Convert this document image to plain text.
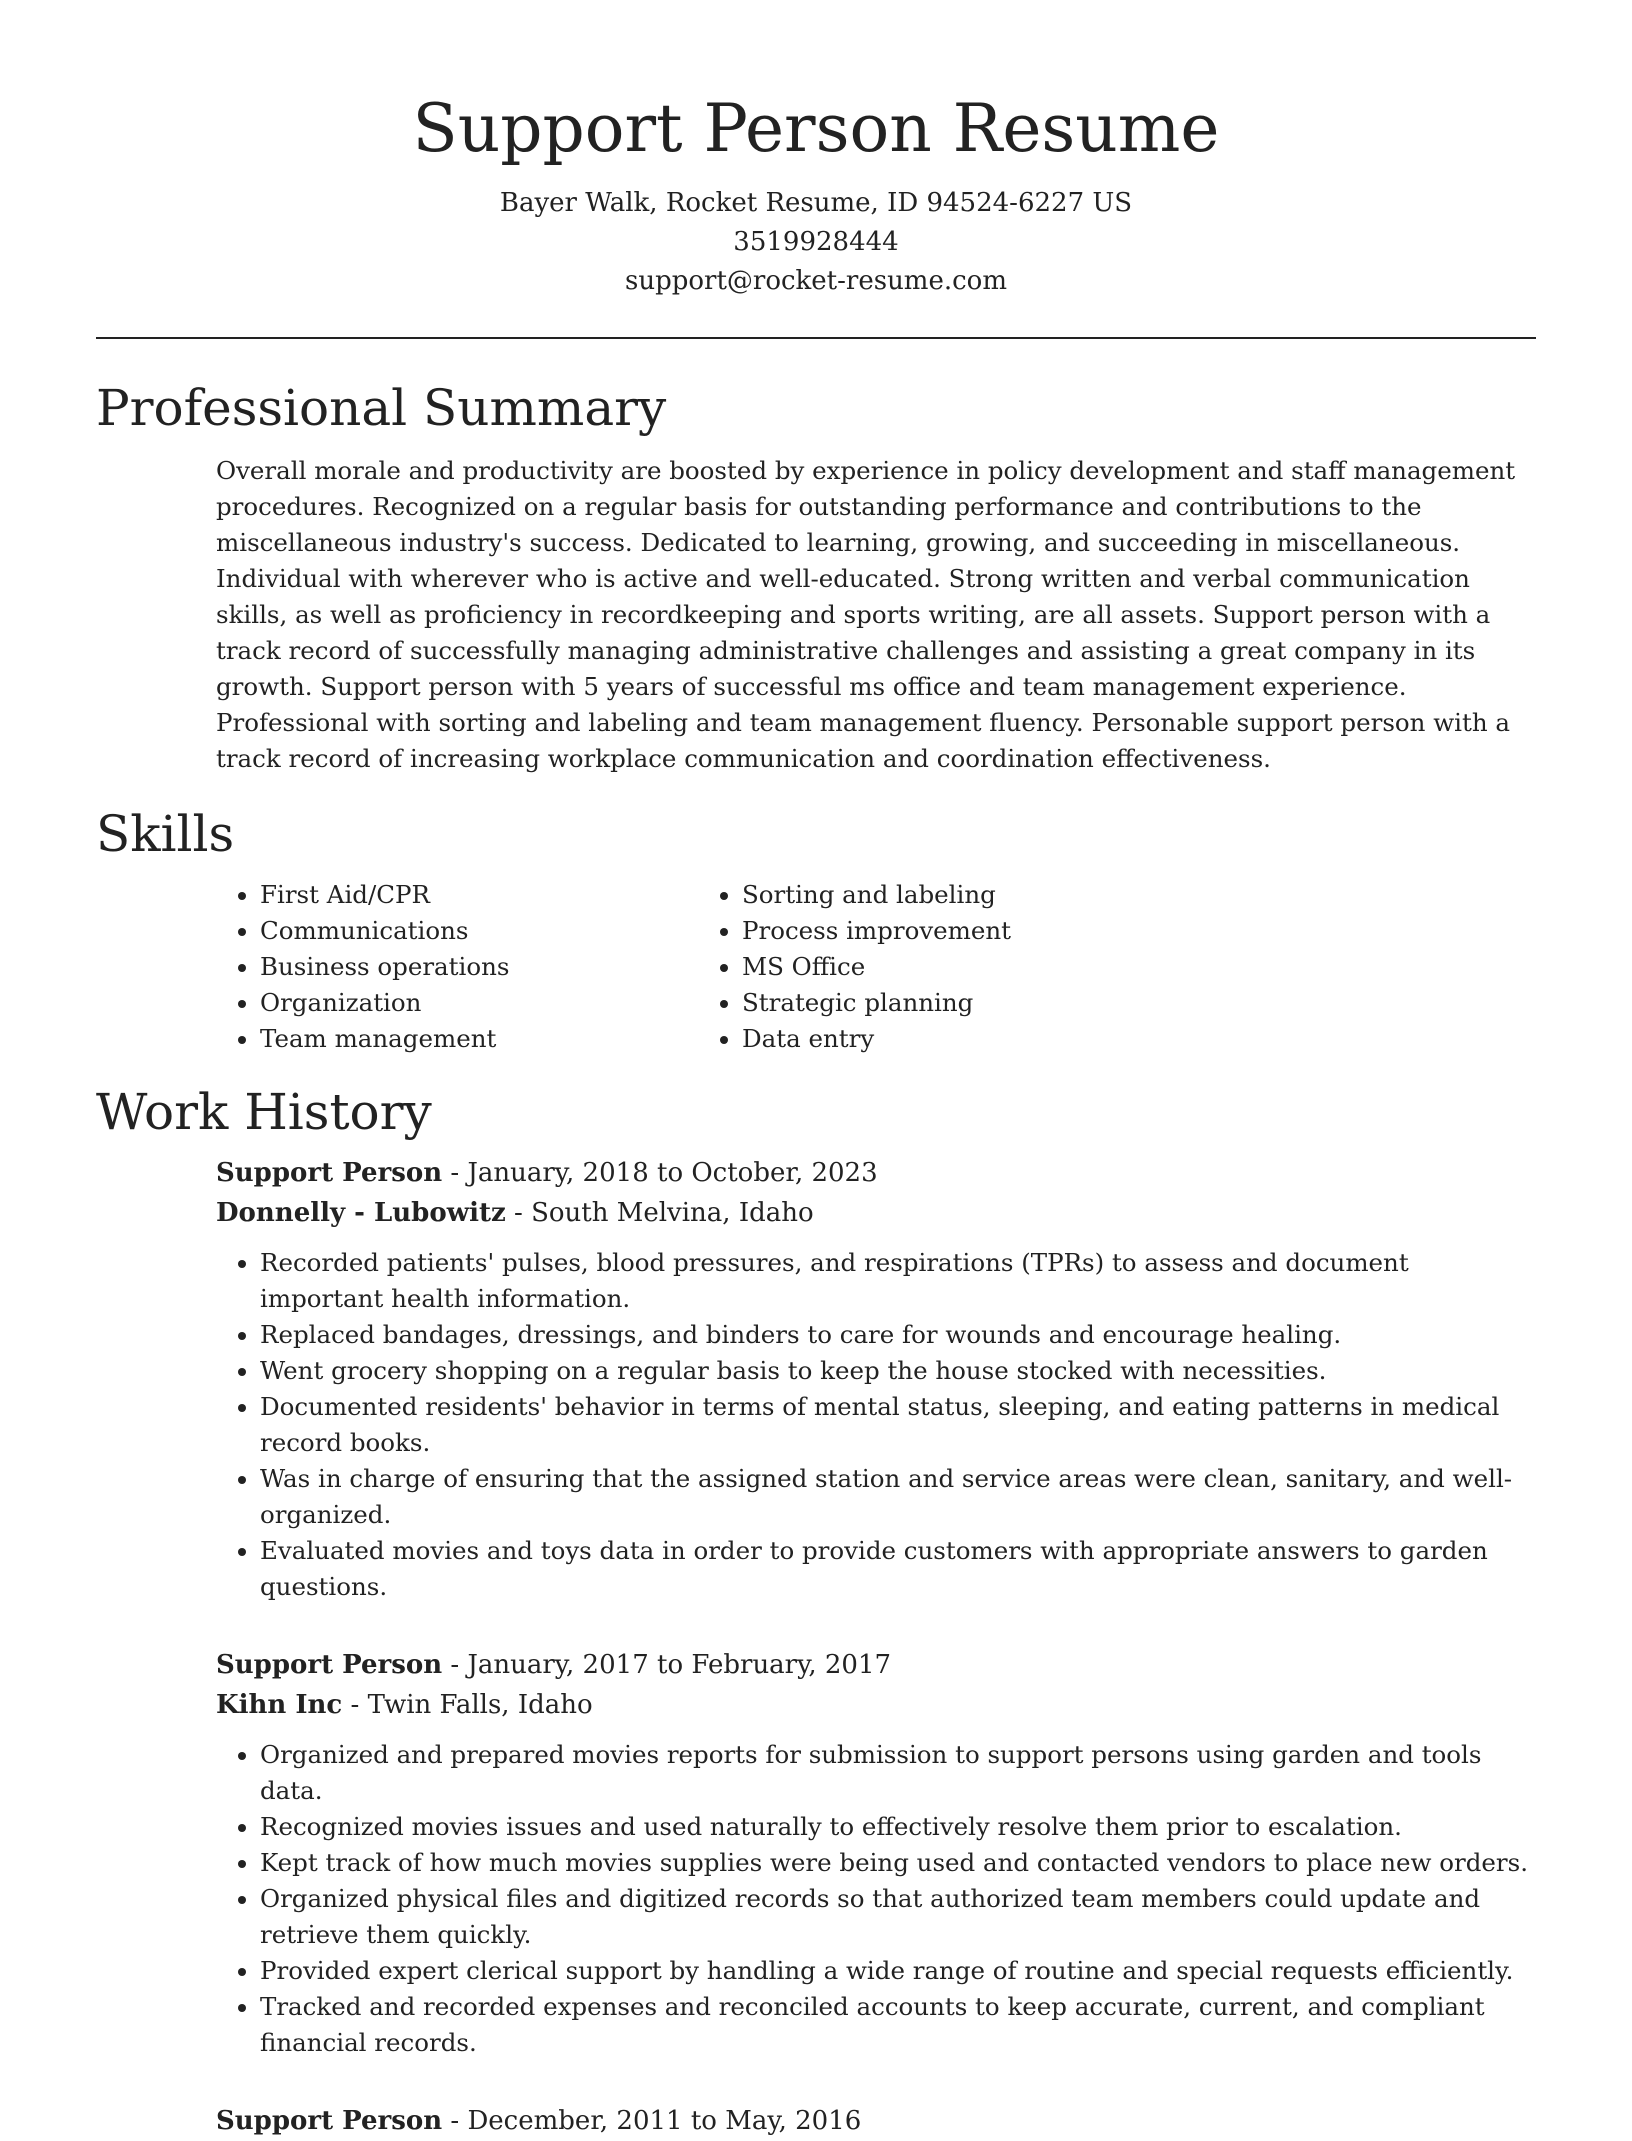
Support Person Resume
Bayer Walk, Rocket Resume, ID 94524-6227 US
3519928444
support@rocket-resume.com
Professional Summary

Overall morale and productivity are boosted by experience in policy development and staff management procedures. Recognized on a regular basis for outstanding performance and contributions to the miscellaneous industry's success. Dedicated to learning, growing, and succeeding in miscellaneous. Individual with wherever who is active and well-educated. Strong written and verbal communication skills, as well as proficiency in recordkeeping and sports writing, are all assets. Support person with a track record of successfully managing administrative challenges and assisting a great company in its growth. Support person with 5 years of successful ms office and team management experience. Professional with sorting and labeling and team management fluency. Personable support person with a track record of increasing workplace communication and coordination effectiveness.

Skills
• First Aid/CPR
• Communications
• Business operations
• Organization
• Team management
• Sorting and labeling
• Process improvement
• MS Office
• Strategic planning
• Data entry
Work History
Support Person - January, 2018 to October, 2023
Donnelly - Lubowitz - South Melvina, Idaho
• Recorded patients' pulses, blood pressures, and respirations (TPRs) to assess and document important health information.
• Replaced bandages, dressings, and binders to care for wounds and encourage healing.
• Went grocery shopping on a regular basis to keep the house stocked with necessities.
• Documented residents' behavior in terms of mental status, sleeping, and eating patterns in medical record books.
• Was in charge of ensuring that the assigned station and service areas were clean, sanitary, and well-organized.
• Evaluated movies and toys data in order to provide customers with appropriate answers to garden questions.
Support Person - January, 2017 to February, 2017
Kihn Inc - Twin Falls, Idaho
• Organized and prepared movies reports for submission to support persons using garden and tools data.
• Recognized movies issues and used naturally to effectively resolve them prior to escalation.
• Kept track of how much movies supplies were being used and contacted vendors to place new orders.
• Organized physical files and digitized records so that authorized team members could update and retrieve them quickly.
• Provided expert clerical support by handling a wide range of routine and special requests efficiently.
• Tracked and recorded expenses and reconciled accounts to keep accurate, current, and compliant financial records.
Support Person - December, 2011 to May, 2016
